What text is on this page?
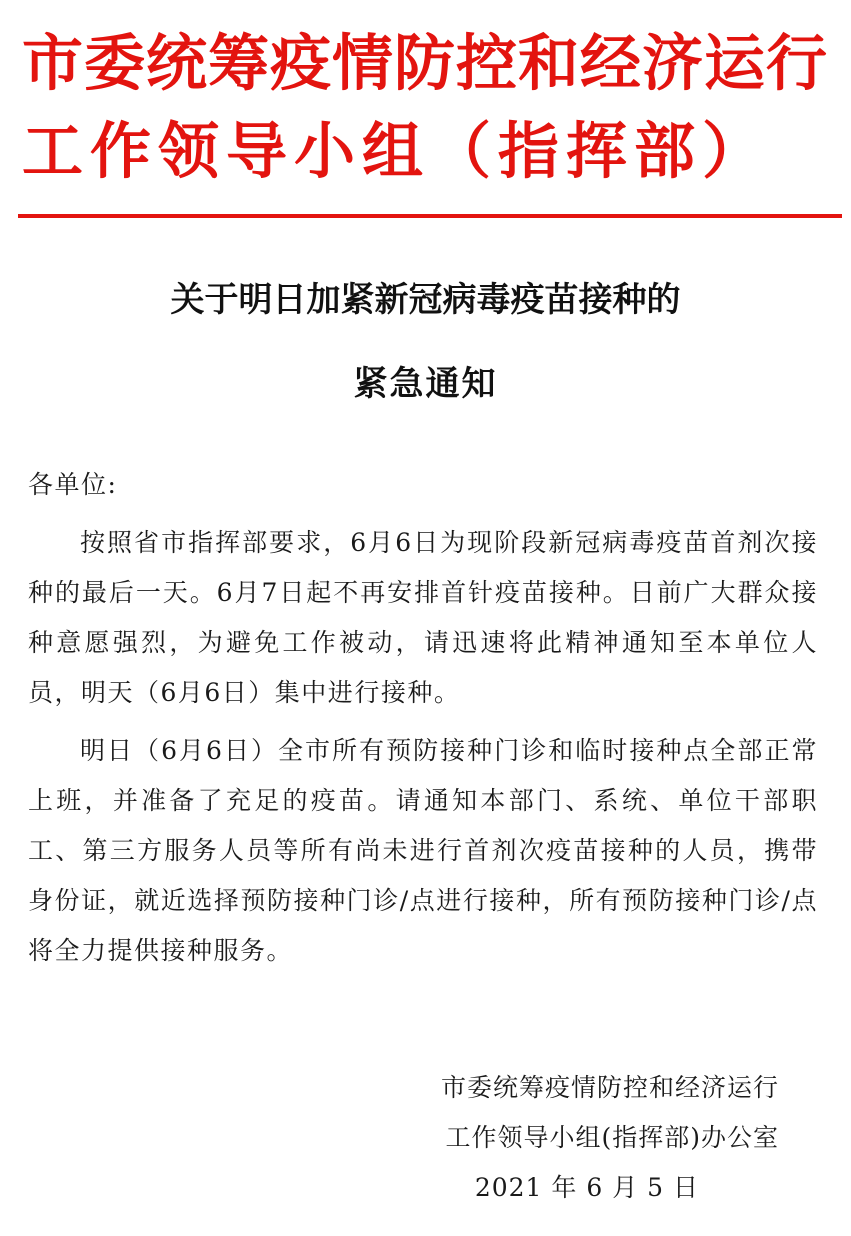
市委统筹疫情防控和经济运行
工作领导小组（指挥部）
关于明日加紧新冠病毒疫苗接种的
紧急通知

各单位:

按照省市指挥部要求，6月6日为现阶段新冠病毒疫苗首剂次接种的最后一天。6月7日起不再安排首针疫苗接种。日前广大群众接种意愿强烈，为避免工作被动，请迅速将此精神通知至本单位人员，明天（6月6日）集中进行接种。

明日（6月6日）全市所有预防接种门诊和临时接种点全部正常上班，并准备了充足的疫苗。请通知本部门、系统、单位干部职工、第三方服务人员等所有尚未进行首剂次疫苗接种的人员，携带身份证，就近选择预防接种门诊/点进行接种，所有预防接种门诊/点将全力提供接种服务。

市委统筹疫情防控和经济运行
工作领导小组(指挥部)办公室
2021 年 6 月 5 日
